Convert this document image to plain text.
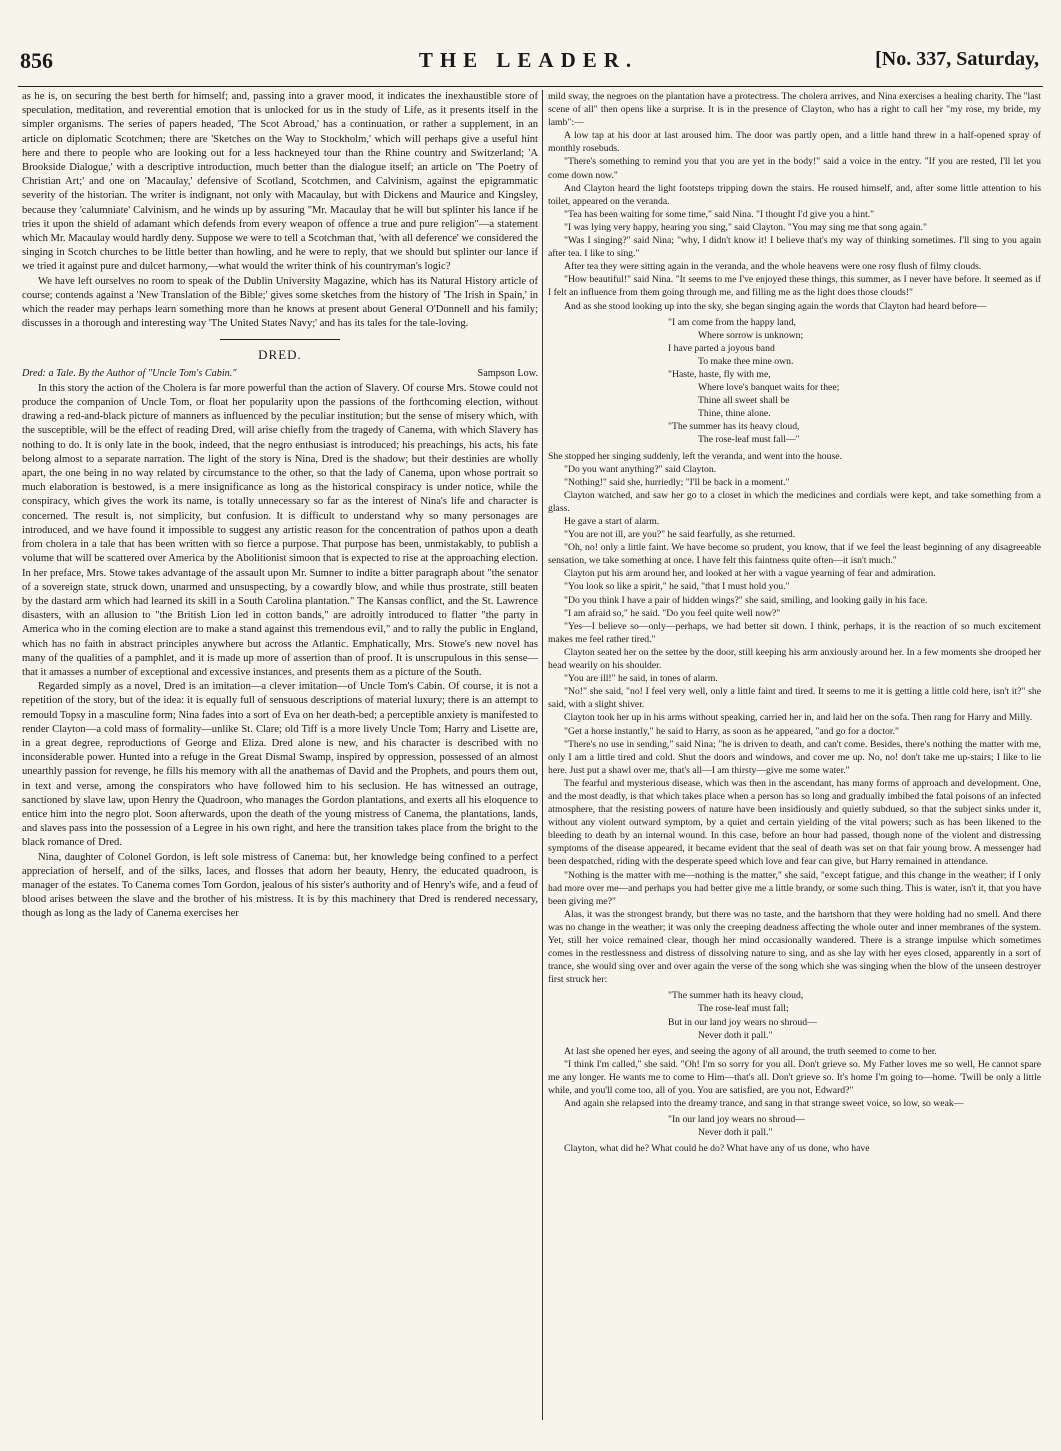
856	THE LEADER.	[No. 337, Saturday,

as he is, on securing the best berth for himself; and, passing into a graver mood, it indicates the inexhaustible store of speculation, meditation, and reverential emotion that is unlocked for us in the study of Life, as it presents itself in the simpler organisms. The series of papers headed, 'The Scot Abroad,' has a continuation, or rather a supplement, in an article on diplomatic Scotchmen; there are 'Sketches on the Way to Stockholm,' which will perhaps give a useful hint here and there to people who are looking out for a less hackneyed tour than the Rhine country and Switzerland; 'A Brookside Dialogue,' with a descriptive introduction, much better than the dialogue itself; an article on 'The Poetry of Christian Art;' and one on 'Macaulay,' defensive of Scotland, Scotchmen, and Calvinism, against the epigrammatic severity of the historian. The writer is indignant, not only with Macaulay, but with Dickens and Maurice and Kingsley, because they 'calumniate' Calvinism, and he winds up by assuring "Mr. Macaulay that he will but splinter his lance if he tries it upon the shield of adamant which defends from every weapon of offence a true and pure religion"—a statement which Mr. Macaulay would hardly deny. Suppose we were to tell a Scotchman that, 'with all deference' we considered the singing in Scotch churches to be little better than howling, and he were to reply, that we should but splinter our lance if we tried it against pure and dulcet harmony,—what would the writer think of his countryman's logic?

We have left ourselves no room to speak of the Dublin University Magazine, which has its Natural History article of course; contends against a 'New Translation of the Bible;' gives some sketches from the history of 'The Irish in Spain,' in which the reader may perhaps learn something more than he knows at present about General O'Donnell and his family; discusses in a thorough and interesting way 'The United States Navy;' and has its tales for the tale-loving.

DRED.
Dred: a Tale. By the Author of "Uncle Tom's Cabin."	Sampson Low.

In this story the action of the Cholera is far more powerful than the action of Slavery. Of course Mrs. Stowe could not produce the companion of Uncle Tom, or float her popularity upon the passions of the forthcoming election, without drawing a red-and-black picture of manners as influenced by the peculiar institution; but the sense of misery which, with the susceptible, will be the effect of reading Dred, will arise chiefly from the tragedy of Canema, with which Slavery has nothing to do. It is only late in the book, indeed, that the negro enthusiast is introduced; his preachings, his acts, his fate belong almost to a separate narration. The light of the story is Nina, Dred is the shadow; but their destinies are wholly apart, the one being in no way related by circumstance to the other, so that the lady of Canema, upon whose portrait so much elaboration is bestowed, is a mere insignificance as long as the historical conspiracy is under notice, while the conspiracy, which gives the work its name, is totally unnecessary so far as the interest of Nina's life and character is concerned. The result is, not simplicity, but confusion. It is difficult to understand why so many personages are introduced, and we have found it impossible to suggest any artistic reason for the concentration of pathos upon a death from cholera in a tale that has been written with so fierce a purpose. That purpose has been, unmistakably, to publish a volume that will be scattered over America by the Abolitionist simoon that is expected to rise at the approaching election. In her preface, Mrs. Stowe takes advantage of the assault upon Mr. Sumner to indite a bitter paragraph about "the senator of a sovereign state, struck down, unarmed and unsuspecting, by a cowardly blow, and while thus prostrate, still beaten by the dastard arm which had learned its skill in a South Carolina plantation." The Kansas conflict, and the St. Lawrence disasters, with an allusion to "the British Lion led in cotton bands," are adroitly introduced to flatter "the party in America who in the coming election are to make a stand against this tremendous evil," and to rally the public in England, which has no faith in abstract principles anywhere but across the Atlantic. Emphatically, Mrs. Stowe's new novel has many of the qualities of a pamphlet, and it is made up more of assertion than of proof. It is unscrupulous in this sense—that it amasses a number of exceptional and excessive instances, and presents them as a picture of the South.

Regarded simply as a novel, Dred is an imitation—a clever imitation—of Uncle Tom's Cabin. Of course, it is not a repetition of the story, but of the idea: it is equally full of sensuous descriptions of material luxury; there is an attempt to remould Topsy in a masculine form; Nina fades into a sort of Eva on her death-bed; a perceptible anxiety is manifested to render Clayton—a cold mass of formality—unlike St. Clare; old Tiff is a more lively Uncle Tom; Harry and Lisette are, in a great degree, reproductions of George and Eliza. Dred alone is new, and his character is described with no inconsiderable power. Hunted into a refuge in the Great Dismal Swamp, inspired by oppression, possessed of an almost unearthly passion for revenge, he fills his memory with all the anathemas of David and the Prophets, and pours them out, in text and verse, among the conspirators who have followed him to his seclusion. He has witnessed an outrage, sanctioned by slave law, upon Henry the Quadroon, who manages the Gordon plantations, and exerts all his eloquence to entice him into the negro plot. Soon afterwards, upon the death of the young mistress of Canema, the plantations, lands, and slaves pass into the possession of a Legree in his own right, and here the transition takes place from the bright to the black romance of Dred.

Nina, daughter of Colonel Gordon, is left sole mistress of Canema: but, her knowledge being confined to a perfect appreciation of herself, and of the silks, laces, and flosses that adorn her beauty, Henry, the educated quadroon, is manager of the estates. To Canema comes Tom Gordon, jealous of his sister's authority and of Henry's wife, and a feud of blood arises between the slave and the brother of his mistress. It is by this machinery that Dred is rendered necessary, though as long as the lady of Canema exercises her

mild sway, the negroes on the plantation have a protectress. The cholera arrives, and Nina exercises a healing charity. The "last scene of all" then opens like a surprise. It is in the presence of Clayton, who has a right to call her "my rose, my bride, my lamb":—

A low tap at his door at last aroused him. The door was partly open, and a little hand threw in a half-opened spray of monthly rosebuds.

"There's something to remind you that you are yet in the body!" said a voice in the entry. "If you are rested, I'll let you come down now."

And Clayton heard the light footsteps tripping down the stairs. He roused himself, and, after some little attention to his toilet, appeared on the veranda.

"Tea has been waiting for some time," said Nina. "I thought I'd give you a hint."

"I was lying very happy, hearing you sing," said Clayton. "You may sing me that song again."

"Was I singing?" said Nina; "why, I didn't know it! I believe that's my way of thinking sometimes. I'll sing to you again after tea. I like to sing."

After tea they were sitting again in the veranda, and the whole heavens were one rosy flush of filmy clouds.

"How beautiful!" said Nina. "It seems to me I've enjoyed these things, this summer, as I never have before. It seemed as if I felt an influence from them going through me, and filling me as the light does those clouds!"

And as she stood looking up into the sky, she began singing again the words that Clayton had heard before—

"I am come from the happy land,
Where sorrow is unknown;
I have parted a joyous band
To make thee mine own.
"Haste, haste, fly with me,
Where love's banquet waits for thee;
Thine all sweet shall be
Thine, thine alone.
"The summer has its heavy cloud,
The rose-leaf must fall—"

She stopped her singing suddenly, left the veranda, and went into the house.

"Do you want anything?" said Clayton.

"Nothing!" said she, hurriedly; "I'll be back in a moment."

Clayton watched, and saw her go to a closet in which the medicines and cordials were kept, and take something from a glass.

He gave a start of alarm.

"You are not ill, are you?" he said fearfully, as she returned.

"Oh, no! only a little faint. We have become so prudent, you know, that if we feel the least beginning of any disagreeable sensation, we take something at once. I have felt this faintness quite often—it isn't much."

Clayton put his arm around her, and looked at her with a vague yearning of fear and admiration.

"You look so like a spirit," he said, "that I must hold you."

"Do you think I have a pair of hidden wings?" she said, smiling, and looking gaily in his face.

"I am afraid so," he said. "Do you feel quite well now?"

"Yes—I believe so—only—perhaps, we had better sit down. I think, perhaps, it is the reaction of so much excitement makes me feel rather tired."

Clayton seated her on the settee by the door, still keeping his arm anxiously around her. In a few moments she drooped her head wearily on his shoulder.

"You are ill!" he said, in tones of alarm.

"No!" she said, "no! I feel very well, only a little faint and tired. It seems to me it is getting a little cold here, isn't it?" she said, with a slight shiver.

Clayton took her up in his arms without speaking, carried her in, and laid her on the sofa. Then rang for Harry and Milly.

"Get a horse instantly," he said to Harry, as soon as he appeared, "and go for a doctor."

"There's no use in sending," said Nina; "he is driven to death, and can't come. Besides, there's nothing the matter with me, only I am a little tired and cold. Shut the doors and windows, and cover me up. No, no! don't take me up-stairs; I like to lie here. Just put a shawl over me, that's all—I am thirsty—give me some water."

The fearful and mysterious disease, which was then in the ascendant, has many forms of approach and development. One, and the most deadly, is that which takes place when a person has so long and gradually imbibed the fatal poisons of an infected atmosphere, that the resisting powers of nature have been insidiously and quietly subdued, so that the subject sinks under it, without any violent outward symptom, by a quiet and certain yielding of the vital powers; such as has been likened to the bleeding to death by an internal wound. In this case, before an hour had passed, though none of the violent and distressing symptoms of the disease appeared, it became evident that the seal of death was set on that fair young brow. A messenger had been despatched, riding with the desperate speed which love and fear can give, but Harry remained in attendance.

"Nothing is the matter with me—nothing is the matter," she said, "except fatigue, and this change in the weather; if I only had more over me—and perhaps you had better give me a little brandy, or some such thing. This is water, isn't it, that you have been giving me?"

Alas, it was the strongest brandy, but there was no taste, and the hartshorn that they were holding had no smell. And there was no change in the weather; it was only the creeping deadness affecting the whole outer and inner membranes of the system. Yet, still her voice remained clear, though her mind occasionally wandered. There is a strange impulse which sometimes comes in the restlessness and distress of dissolving nature to sing, and as she lay with her eyes closed, apparently in a sort of trance, she would sing over and over again the verse of the song which she was singing when the blow of the unseen destroyer first struck her:

"The summer hath its heavy cloud,
The rose-leaf must fall;
But in our land joy wears no shroud—
Never doth it pall."

At last she opened her eyes, and seeing the agony of all around, the truth seemed to come to her.

"I think I'm called," she said. "Oh! I'm so sorry for you all. Don't grieve so. My Father loves me so well, He cannot spare me any longer. He wants me to come to Him—that's all. Don't grieve so. It's home I'm going to—home. 'Twill be only a little while, and you'll come too, all of you. You are satisfied, are you not, Edward?"

And again she relapsed into the dreamy trance, and sang in that strange sweet voice, so low, so weak—

"In our land joy wears no shroud—
Never doth it pall."

Clayton, what did he? What could he do? What have any of us done, who have
